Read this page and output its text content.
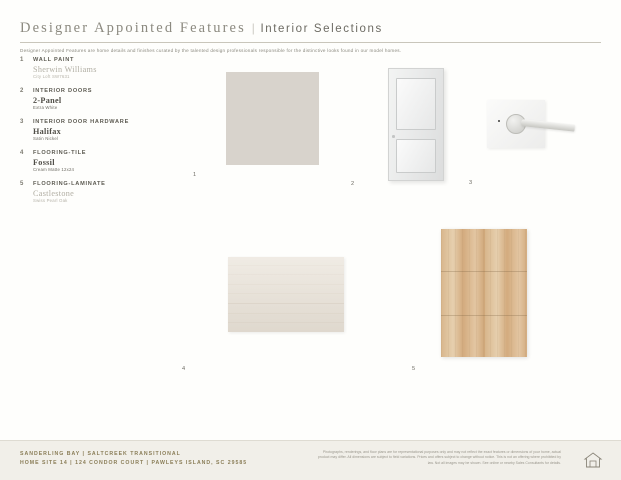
Designer Appointed Features | Interior Selections
Designer Appointed Features are home details and finishes curated by the talented design professionals responsible for the distinctive looks found in our model homes.
1 WALL PAINT
Sherwin Williams
City Loft SW7631
2 INTERIOR DOORS
2-Panel
Extra White
3 INTERIOR DOOR HARDWARE
Halifax
Satin Nickel
4 FLOORING-TILE
Fossil
Cream Matte 12x24
5 FLOORING-LAMINATE
Castlestone
Swiss Pearl Oak
1
2	3
4	5
SANDERLING BAY | SALTCREEK TRANSITIONAL
HOME SITE 14 | 124 CONDOR COURT | PAWLEYS ISLAND, SC 29585
Photographs, renderings, and floor plans are for representational purposes only and may not reflect the exact features or dimensions of your home, actual product may differ. All dimensions are subject to field variations. Prices and offers subject to change without notice. This is not an offering where prohibited by law. Not all images may be shown. See online or nearby Sales Consultants for details.
